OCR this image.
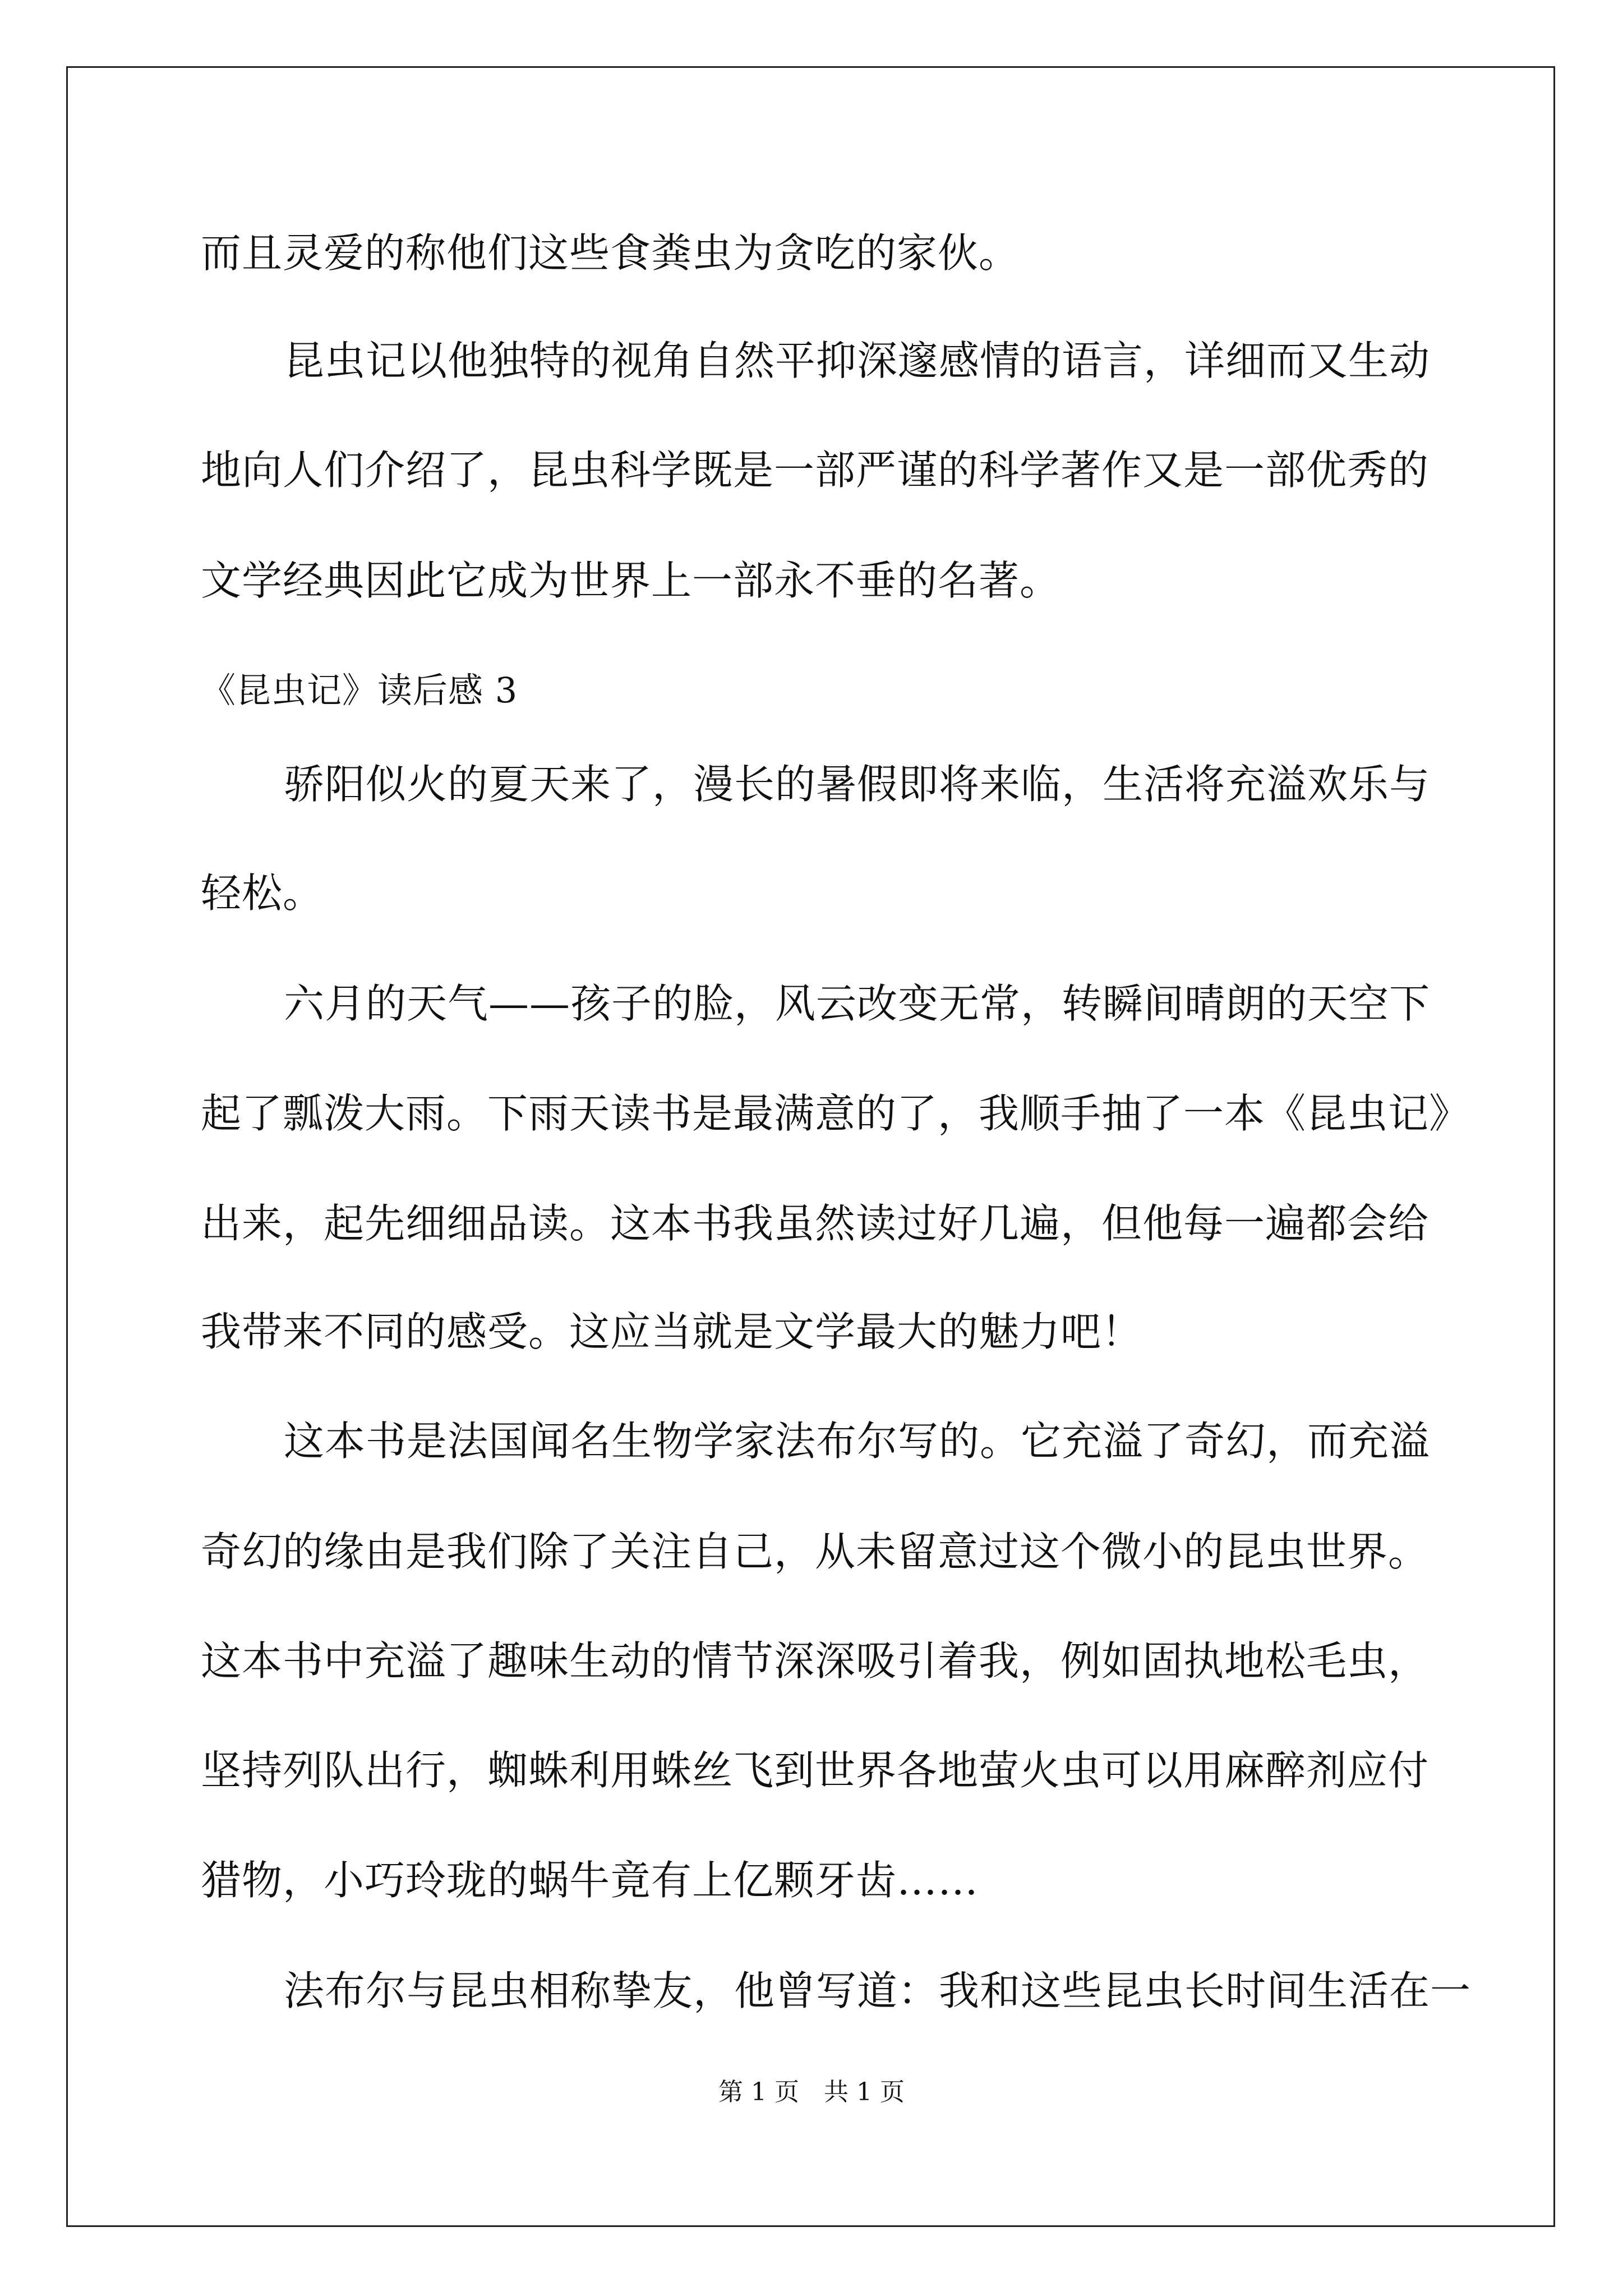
而且灵爱的称他们这些食粪虫为贪吃的家伙。
昆虫记以他独特的视角自然平抑深邃感情的语言，详细而又生动
地向人们介绍了，昆虫科学既是一部严谨的科学著作又是一部优秀的
文学经典因此它成为世界上一部永不垂的名著。
《昆虫记》读后感 3
骄阳似火的夏天来了，漫长的暑假即将来临，生活将充溢欢乐与
轻松。
六月的天气——孩子的脸，风云改变无常，转瞬间晴朗的天空下
起了瓢泼大雨。下雨天读书是最满意的了，我顺手抽了一本《昆虫记》
出来，起先细细品读。这本书我虽然读过好几遍，但他每一遍都会给
我带来不同的感受。这应当就是文学最大的魅力吧！
这本书是法国闻名生物学家法布尔写的。它充溢了奇幻，而充溢
奇幻的缘由是我们除了关注自己，从未留意过这个微小的昆虫世界。
这本书中充溢了趣味生动的情节深深吸引着我，例如固执地松毛虫，
坚持列队出行，蜘蛛利用蛛丝飞到世界各地萤火虫可以用麻醉剂应付
猎物，小巧玲珑的蜗牛竟有上亿颗牙齿……
法布尔与昆虫相称挚友，他曾写道：我和这些昆虫长时间生活在一
第 1 页　共 1 页
